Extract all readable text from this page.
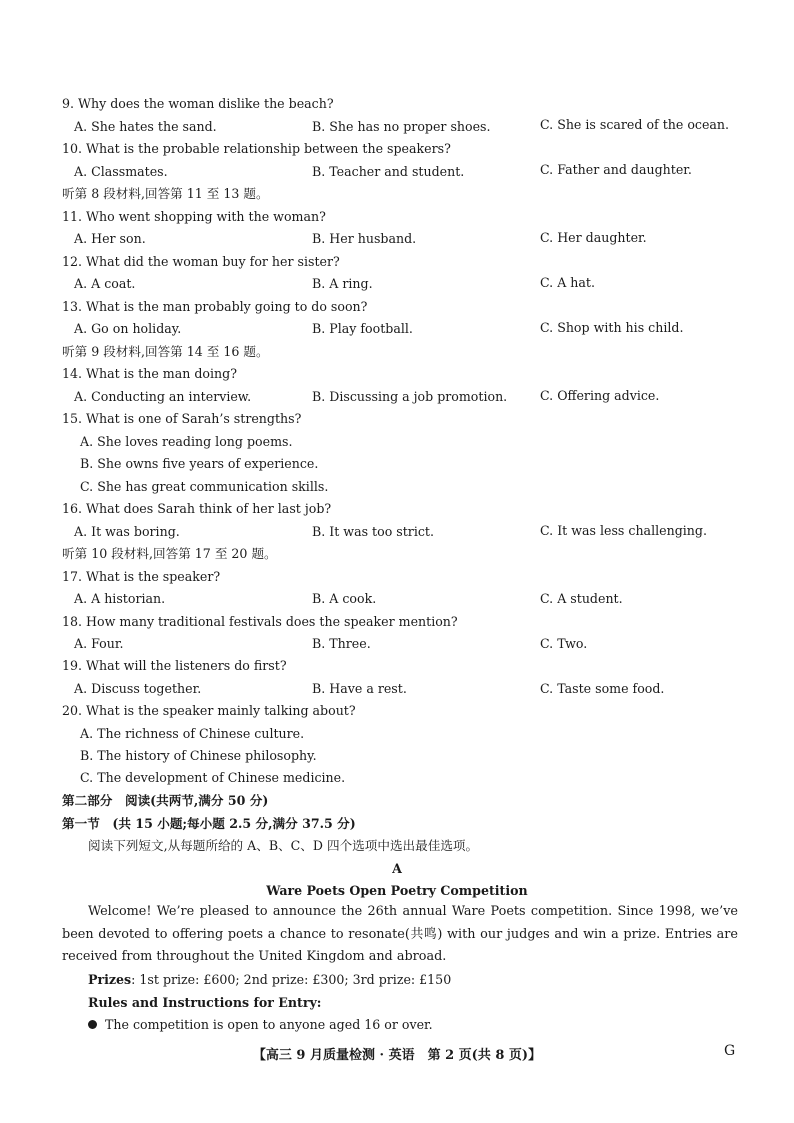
9. Why does the woman dislike the beach?
A. She hates the sand.	B. She has no proper shoes.	C. She is scared of the ocean.
10. What is the probable relationship between the speakers?
A. Classmates.	B. Teacher and student.	C. Father and daughter.
听第 8 段材料,回答第 11 至 13 题。
11. Who went shopping with the woman?
A. Her son.	B. Her husband.	C. Her daughter.
12. What did the woman buy for her sister?
A. A coat.	B. A ring.	C. A hat.
13. What is the man probably going to do soon?
A. Go on holiday.	B. Play football.	C. Shop with his child.
听第 9 段材料,回答第 14 至 16 题。
14. What is the man doing?
A. Conducting an interview.	B. Discussing a job promotion.	C. Offering advice.
15. What is one of Sarah’s strengths?
A. She loves reading long poems.
B. She owns five years of experience.
C. She has great communication skills.
16. What does Sarah think of her last job?
A. It was boring.	B. It was too strict.	C. It was less challenging.
听第 10 段材料,回答第 17 至 20 题。
17. What is the speaker?
A. A historian.	B. A cook.	C. A student.
18. How many traditional festivals does the speaker mention?
A. Four.	B. Three.	C. Two.
19. What will the listeners do first?
A. Discuss together.	B. Have a rest.	C. Taste some food.
20. What is the speaker mainly talking about?
A. The richness of Chinese culture.
B. The history of Chinese philosophy.
C. The development of Chinese medicine.
第二部分　阅读(共两节,满分 50 分)
第一节　(共 15 小题;每小题 2.5 分,满分 37.5 分)
阅读下列短文,从每题所给的 A、B、C、D 四个选项中选出最佳选项。
A
Ware Poets Open Poetry Competition
Welcome! We’re pleased to announce the 26th annual Ware Poets competition. Since 1998, we’ve been devoted to offering poets a chance to resonate(共鸣) with our judges and win a prize. Entries are received from throughout the United Kingdom and abroad.
Prizes: 1st prize: £600; 2nd prize: £300; 3rd prize: £150
Rules and Instructions for Entry:
The competition is open to anyone aged 16 or over.
【高三 9 月质量检测 · 英语　第 2 页(共 8 页)】	G
